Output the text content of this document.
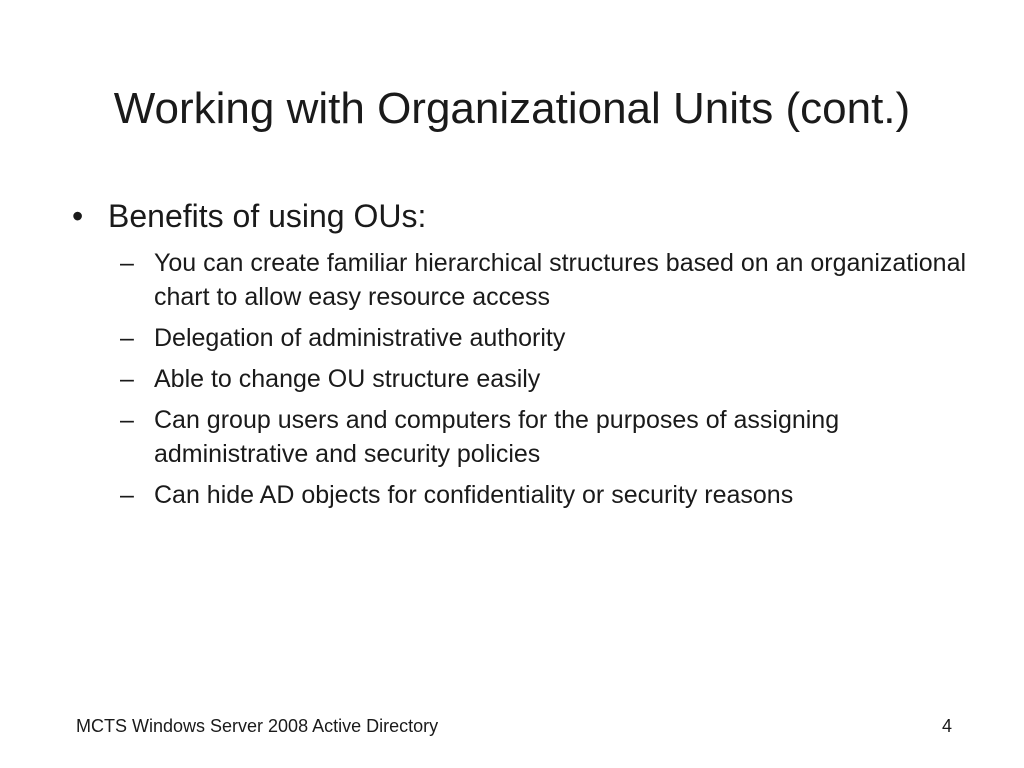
Working with Organizational Units (cont.)
• Benefits of using OUs:
– You can create familiar hierarchical structures based on an organizational chart to allow easy resource access
– Delegation of administrative authority
– Able to change OU structure easily
– Can group users and computers for the purposes of assigning administrative and security policies
– Can hide AD objects for confidentiality or security reasons
MCTS Windows Server 2008 Active Directory	4
